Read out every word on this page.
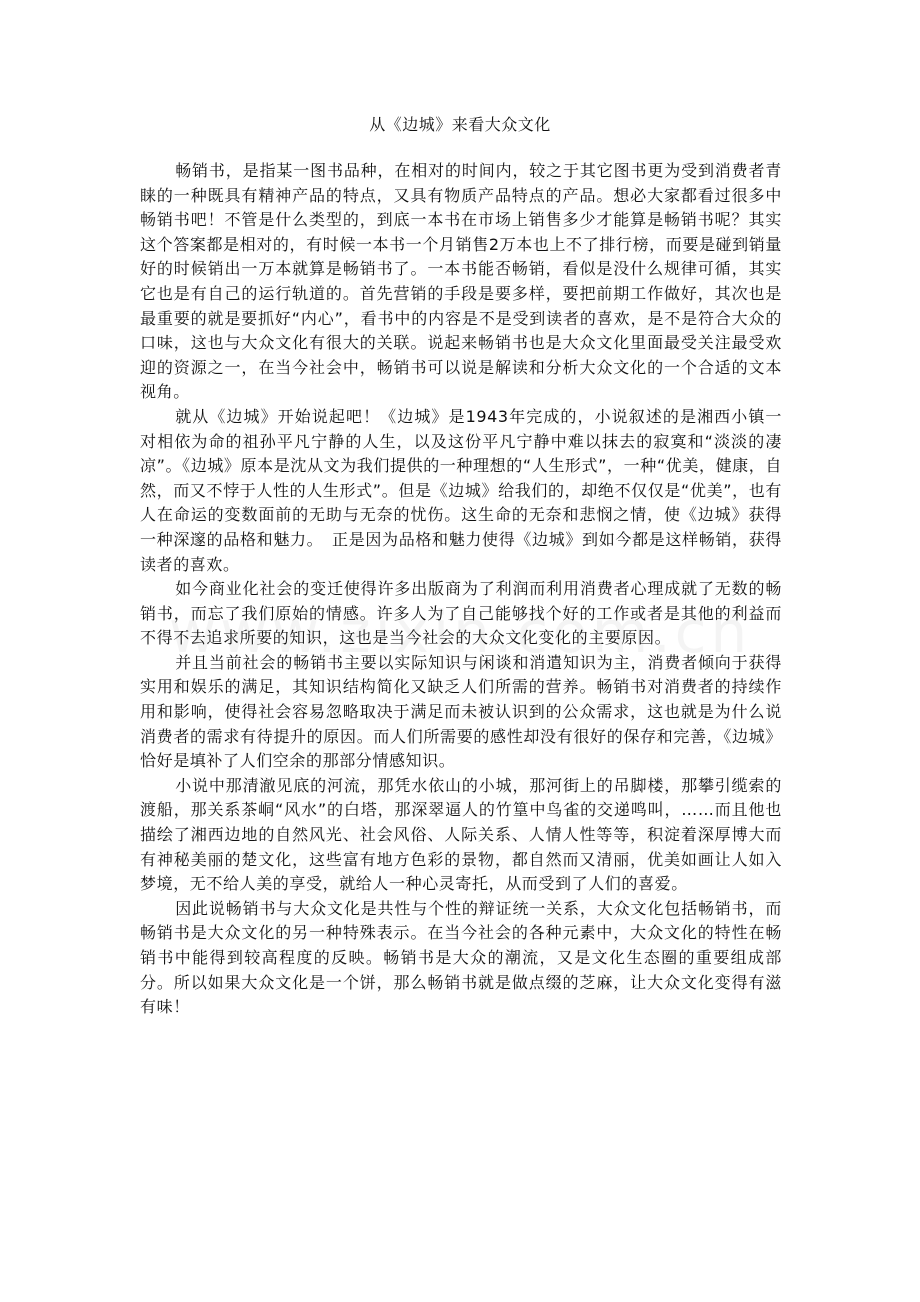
从《边城》来看大众文化

畅销书，是指某一图书品种，在相对的时间内，较之于其它图书更为受到消费者青睐的一种既具有精神产品的特点，又具有物质产品特点的产品。想必大家都看过很多中畅销书吧！不管是什么类型的，到底一本书在市场上销售多少才能算是畅销书呢？其实这个答案都是相对的，有时候一本书一个月销售2万本也上不了排行榜，而要是碰到销量好的时候销出一万本就算是畅销书了。一本书能否畅销，看似是没什么规律可循，其实它也是有自己的运行轨道的。首先营销的手段是要多样，要把前期工作做好，其次也是最重要的就是要抓好“内心”，看书中的内容是不是受到读者的喜欢，是不是符合大众的口味，这也与大众文化有很大的关联。说起来畅销书也是大众文化里面最受关注最受欢迎的资源之一，在当今社会中，畅销书可以说是解读和分析大众文化的一个合适的文本视角。

就从《边城》开始说起吧！《边城》是1943年完成的，小说叙述的是湘西小镇一对相依为命的祖孙平凡宁静的人生，以及这份平凡宁静中难以抹去的寂寞和“淡淡的凄凉”。《边城》原本是沈从文为我们提供的一种理想的“人生形式”，一种“优美，健康，自然，而又不悖于人性的人生形式”。但是《边城》给我们的，却绝不仅仅是“优美”，也有人在命运的变数面前的无助与无奈的忧伤。这生命的无奈和悲悯之情，使《边城》获得一种深邃的品格和魅力。　正是因为品格和魅力使得《边城》到如今都是这样畅销，获得读者的喜欢。

如今商业化社会的变迁使得许多出版商为了利润而利用消费者心理成就了无数的畅销书，而忘了我们原始的情感。许多人为了自己能够找个好的工作或者是其他的利益而不得不去追求所要的知识，这也是当今社会的大众文化变化的主要原因。

并且当前社会的畅销书主要以实际知识与闲谈和消遣知识为主，消费者倾向于获得实用和娱乐的满足，其知识结构简化又缺乏人们所需的营养。畅销书对消费者的持续作用和影响，使得社会容易忽略取决于满足而未被认识到的公众需求，这也就是为什么说消费者的需求有待提升的原因。而人们所需要的感性却没有很好的保存和完善，《边城》恰好是填补了人们空余的那部分情感知识。

小说中那清澈见底的河流，那凭水依山的小城，那河街上的吊脚楼，那攀引缆索的渡船，那关系茶峒“风水”的白塔，那深翠逼人的竹篁中鸟雀的交递鸣叫，……而且他也描绘了湘西边地的自然风光、社会风俗、人际关系、人情人性等等，积淀着深厚博大而有神秘美丽的楚文化，这些富有地方色彩的景物，都自然而又清丽，优美如画让人如入梦境，无不给人美的享受，就给人一种心灵寄托，从而受到了人们的喜爱。

因此说畅销书与大众文化是共性与个性的辩证统一关系，大众文化包括畅销书，而畅销书是大众文化的另一种特殊表示。在当今社会的各种元素中，大众文化的特性在畅销书中能得到较高程度的反映。畅销书是大众的潮流，又是文化生态圈的重要组成部分。所以如果大众文化是一个饼，那么畅销书就是做点缀的芝麻，让大众文化变得有滋有味！
